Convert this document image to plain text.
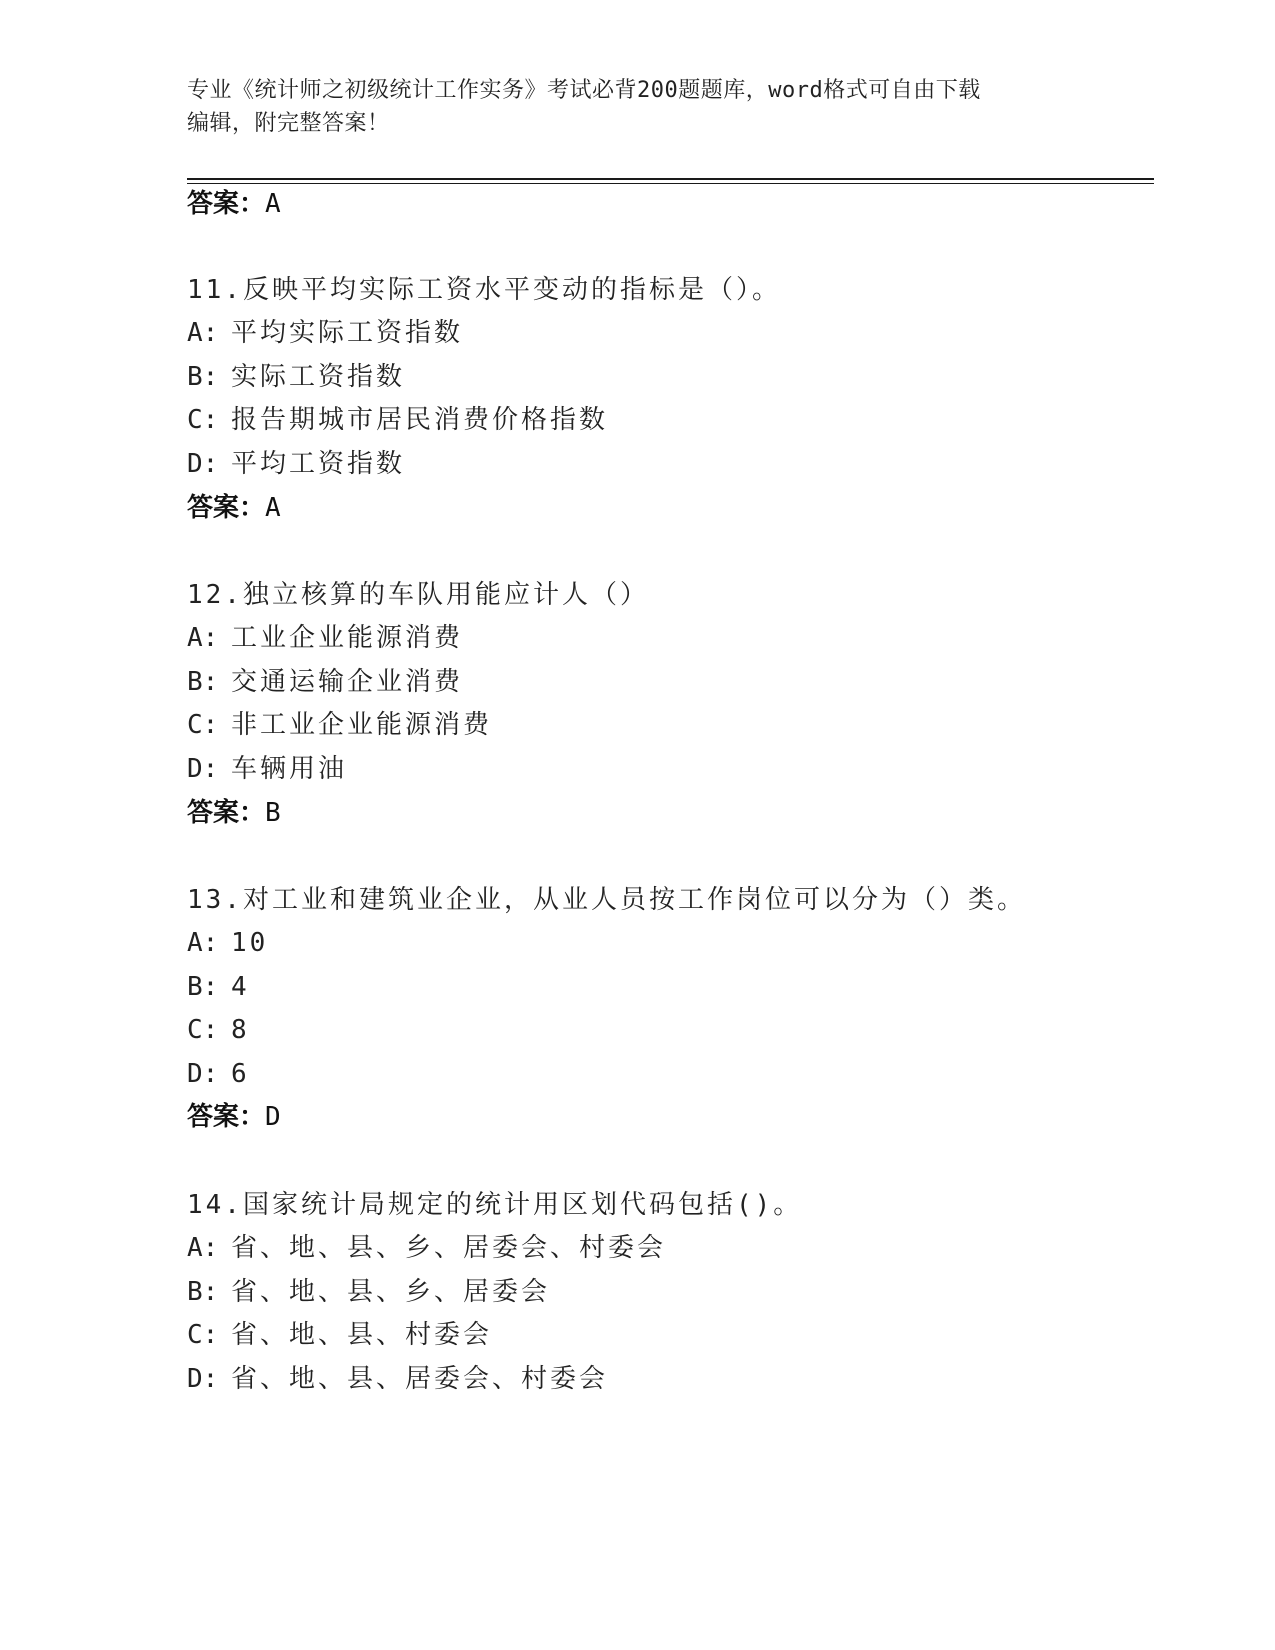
专业《统计师之初级统计工作实务》考试必背200题题库，word格式可自由下载
编辑，附完整答案！
答案：A
11.反映平均实际工资水平变动的指标是（）。
A: 平均实际工资指数
B: 实际工资指数
C: 报告期城市居民消费价格指数
D: 平均工资指数
答案：A
12.独立核算的车队用能应计人（）
A: 工业企业能源消费
B: 交通运输企业消费
C: 非工业企业能源消费
D: 车辆用油
答案：B
13.对工业和建筑业企业，从业人员按工作岗位可以分为（）类。
A: 10
B: 4
C: 8
D: 6
答案：D
14.国家统计局规定的统计用区划代码包括()。
A: 省、地、县、乡、居委会、村委会
B: 省、地、县、乡、居委会
C: 省、地、县、村委会
D: 省、地、县、居委会、村委会
